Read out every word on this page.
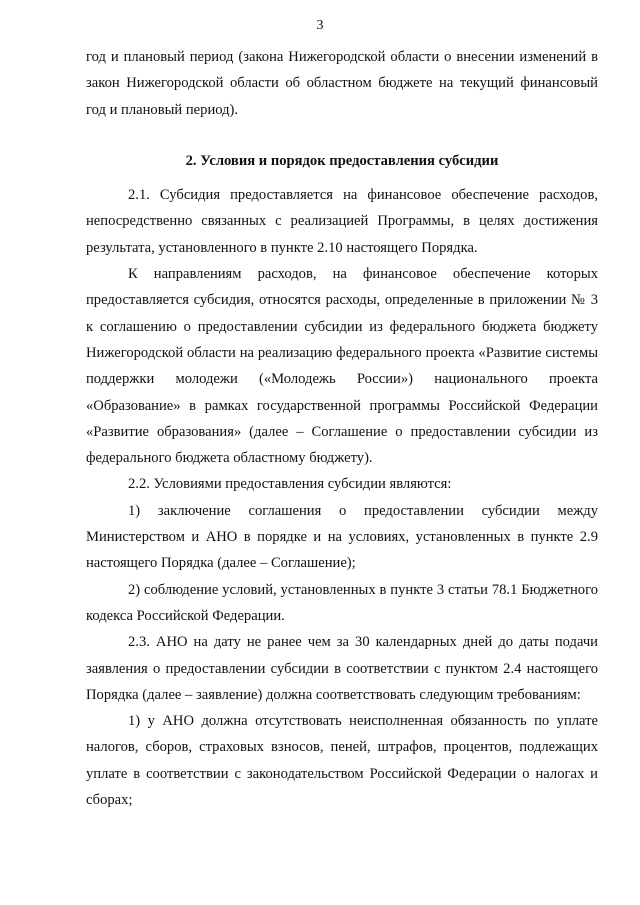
3

год и плановый период (закона Нижегородской области о внесении изменений в закон Нижегородской области об областном бюджете на текущий финансовый год и плановый период).

2. Условия и порядок предоставления субсидии

2.1. Субсидия предоставляется на финансовое обеспечение расходов, непосредственно связанных с реализацией Программы, в целях достижения результата, установленного в пункте 2.10 настоящего Порядка.

К направлениям расходов, на финансовое обеспечение которых предоставляется субсидия, относятся расходы, определенные в приложении № 3 к соглашению о предоставлении субсидии из федерального бюджета бюджету Нижегородской области на реализацию федерального проекта «Развитие системы поддержки молодежи («Молодежь России») национального проекта «Образование» в рамках государственной программы Российской Федерации «Развитие образования» (далее – Соглашение о предоставлении субсидии из федерального бюджета областному бюджету).

2.2. Условиями предоставления субсидии являются:

1) заключение соглашения о предоставлении субсидии между Министерством и АНО в порядке и на условиях, установленных в пункте 2.9 настоящего Порядка (далее – Соглашение);

2) соблюдение условий, установленных в пункте 3 статьи 78.1 Бюджетного кодекса Российской Федерации.

2.3. АНО на дату не ранее чем за 30 календарных дней до даты подачи заявления о предоставлении субсидии в соответствии с пунктом 2.4 настоящего Порядка (далее – заявление) должна соответствовать следующим требованиям:

1) у АНО должна отсутствовать неисполненная обязанность по уплате налогов, сборов, страховых взносов, пеней, штрафов, процентов, подлежащих уплате в соответствии с законодательством Российской Федерации о налогах и сборах;
